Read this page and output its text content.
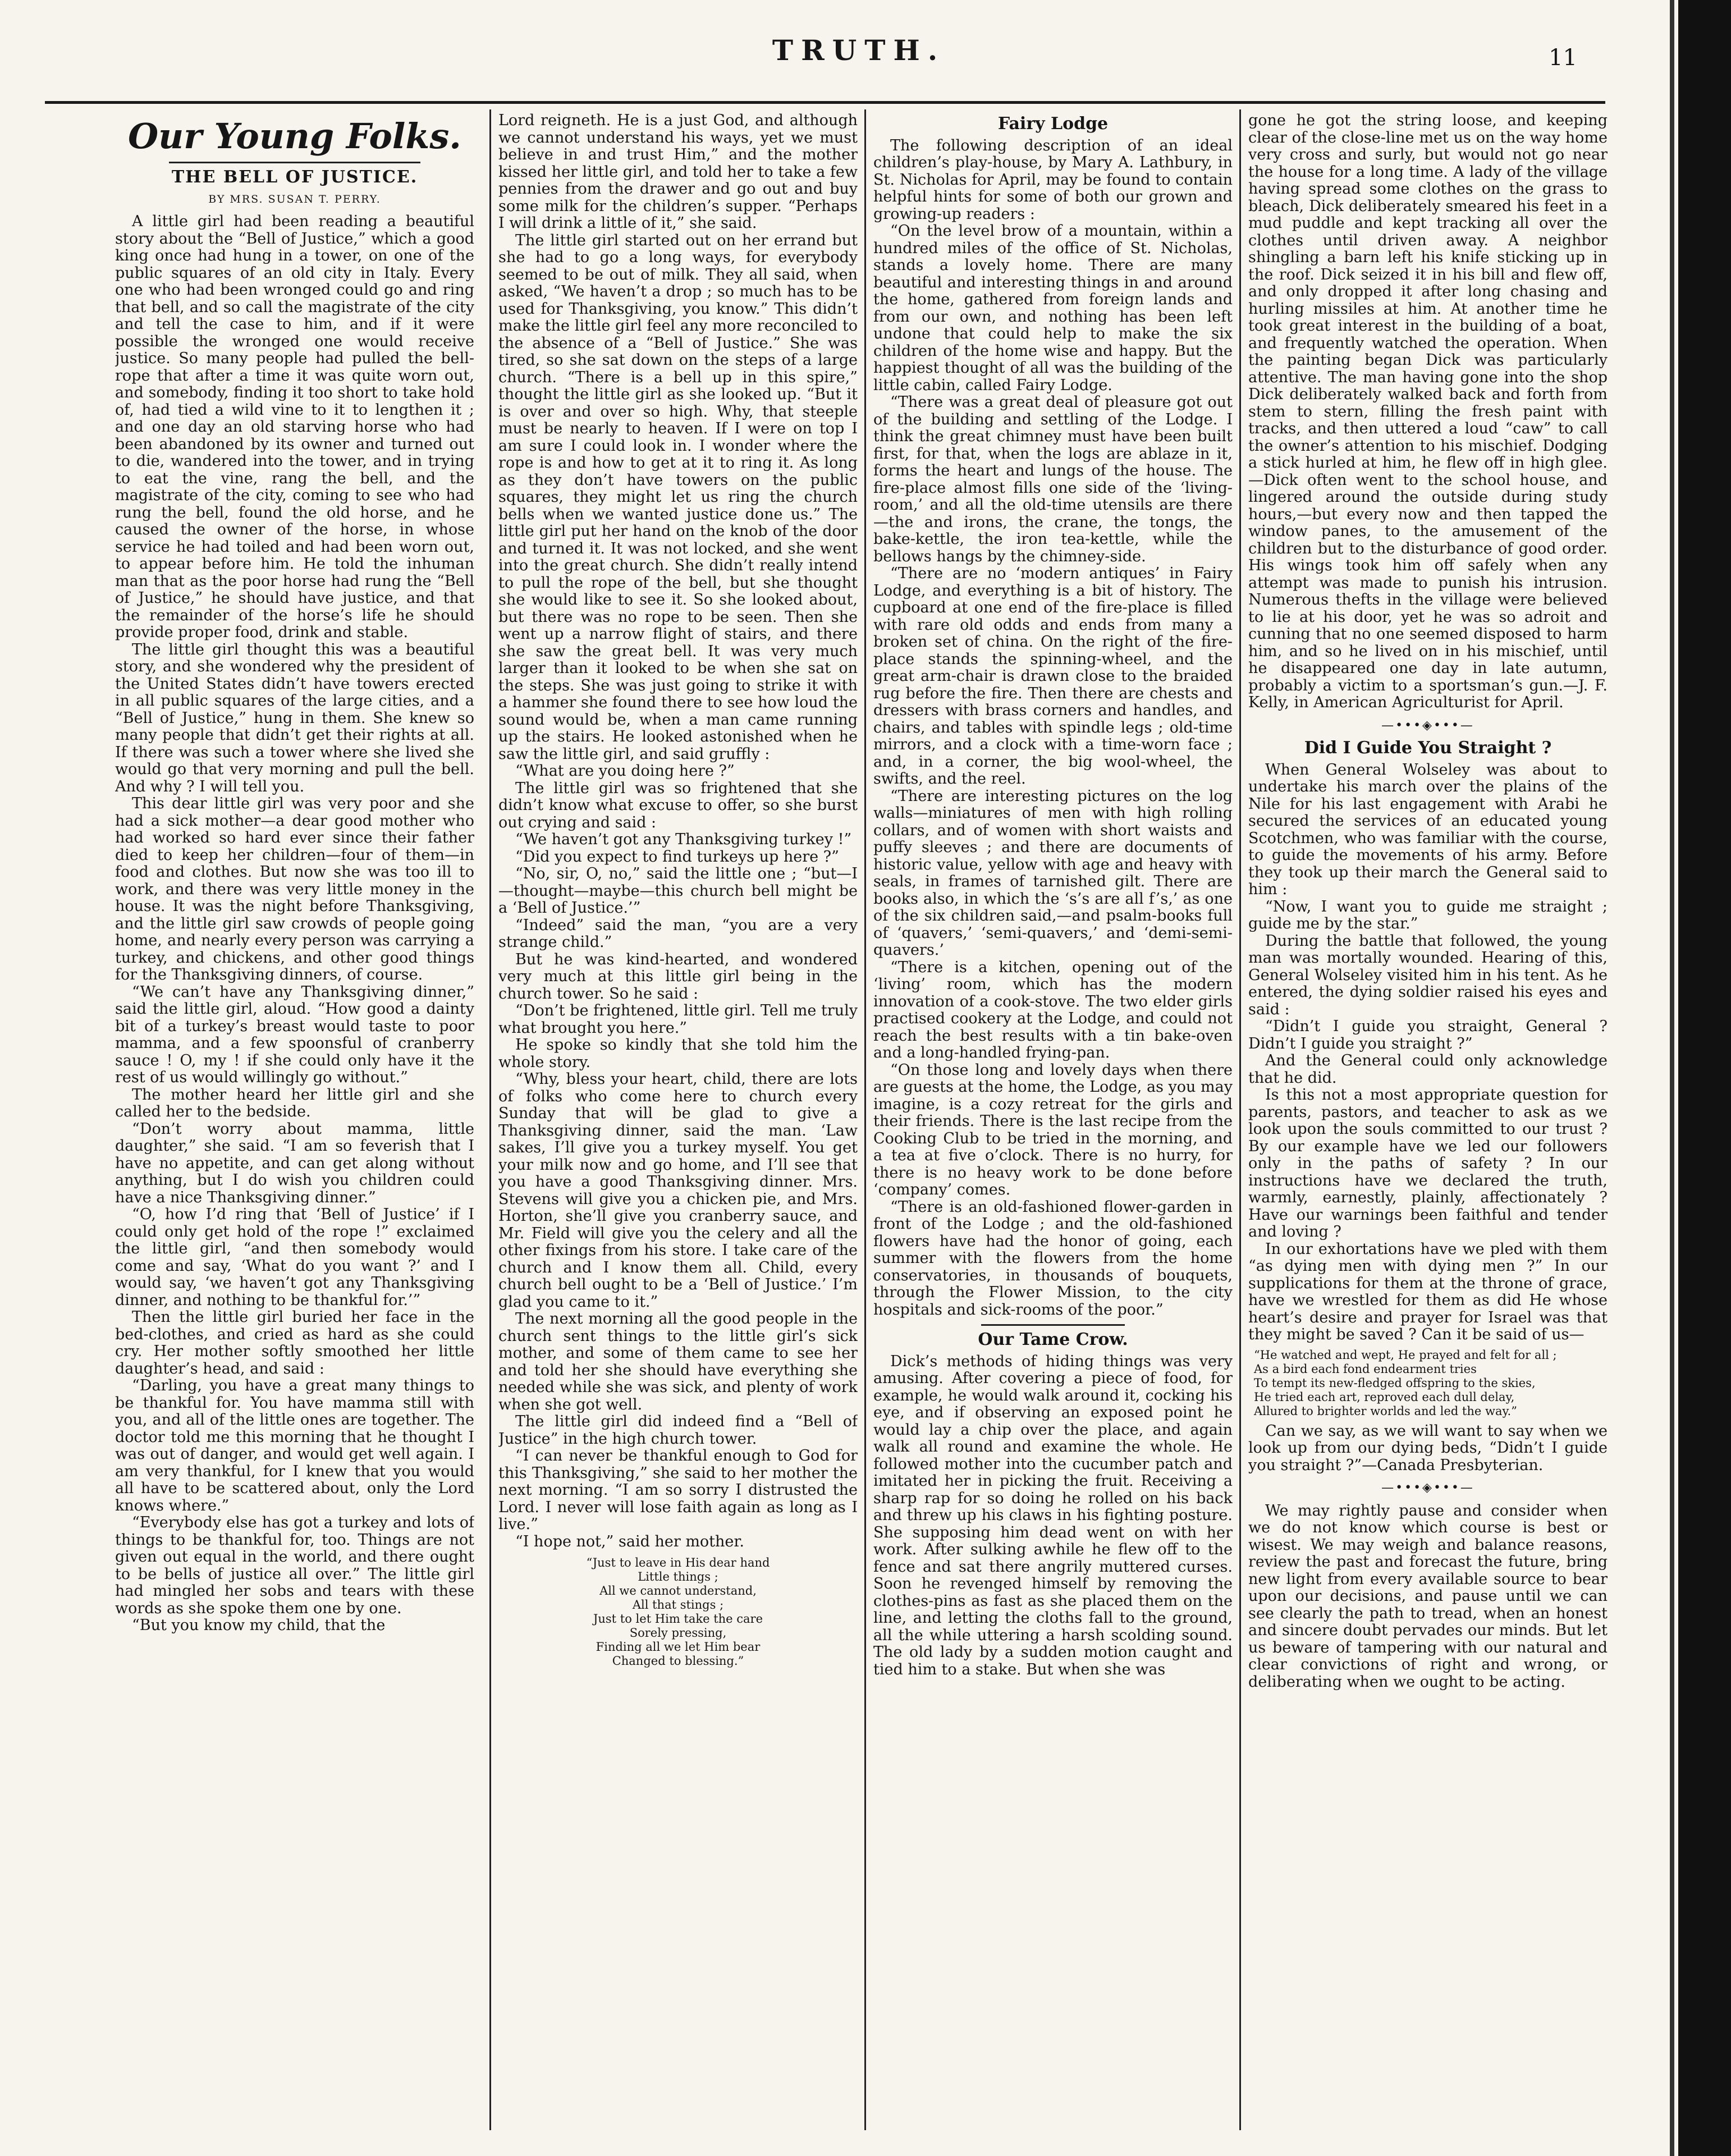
TRUTH.	11
Our Young Folks.
THE BELL OF JUSTICE.
BY MRS. SUSAN T. PERRY.

A little girl had been reading a beautiful story about the “Bell of Justice,” which a good king once had hung in a tower, on one of the public squares of an old city in Italy. Every one who had been wronged could go and ring that bell, and so call the magistrate of the city and tell the case to him, and if it were possible the wronged one would receive justice. So many people had pulled the bell-rope that after a time it was quite worn out, and somebody, finding it too short to take hold of, had tied a wild vine to it to lengthen it ; and one day an old starving horse who had been abandoned by its owner and turned out to die, wandered into the tower, and in trying to eat the vine, rang the bell, and the magistrate of the city, coming to see who had rung the bell, found the old horse, and he caused the owner of the horse, in whose service he had toiled and had been worn out, to appear before him. He told the inhuman man that as the poor horse had rung the “Bell of Justice,” he should have justice, and that the remainder of the horse’s life he should provide proper food, drink and stable.

The little girl thought this was a beautiful story, and she wondered why the president of the United States didn’t have towers erected in all public squares of the large cities, and a “Bell of Justice,” hung in them. She knew so many people that didn’t get their rights at all. If there was such a tower where she lived she would go that very morning and pull the bell. And why ? I will tell you.

This dear little girl was very poor and she had a sick mother—a dear good mother who had worked so hard ever since their father died to keep her children—four of them—in food and clothes. But now she was too ill to work, and there was very little money in the house. It was the night before Thanksgiving, and the little girl saw crowds of people going home, and nearly every person was carrying a turkey, and chickens, and other good things for the Thanksgiving dinners, of course.

“We can’t have any Thanksgiving dinner,” said the little girl, aloud. “How good a dainty bit of a turkey’s breast would taste to poor mamma, and a few spoonsful of cranberry sauce ! O, my ! if she could only have it the rest of us would willingly go without.”

The mother heard her little girl and she called her to the bedside.

“Don’t worry about mamma, little daughter,” she said. “I am so feverish that I have no appetite, and can get along without anything, but I do wish you children could have a nice Thanksgiving dinner.”

“O, how I’d ring that ‘Bell of Justice’ if I could only get hold of the rope !” exclaimed the little girl, “and then somebody would come and say, ‘What do you want ?’ and I would say, ‘we haven’t got any Thanksgiving dinner, and nothing to be thankful for.’”

Then the little girl buried her face in the bed-clothes, and cried as hard as she could cry. Her mother softly smoothed her little daughter’s head, and said :

“Darling, you have a great many things to be thankful for. You have mamma still with you, and all of the little ones are together. The doctor told me this morning that he thought I was out of danger, and would get well again. I am very thankful, for I knew that you would all have to be scattered about, only the Lord knows where.”

“Everybody else has got a turkey and lots of things to be thankful for, too. Things are not given out equal in the world, and there ought to be bells of justice all over.” The little girl had mingled her sobs and tears with these words as she spoke them one by one.

“But you know my child, that the

Lord reigneth. He is a just God, and although we cannot understand his ways, yet we must believe in and trust Him,” and the mother kissed her little girl, and told her to take a few pennies from the drawer and go out and buy some milk for the children’s supper. “Perhaps I will drink a little of it,” she said.

The little girl started out on her errand but she had to go a long ways, for everybody seemed to be out of milk. They all said, when asked, “We haven’t a drop ; so much has to be used for Thanksgiving, you know.” This didn’t make the little girl feel any more reconciled to the absence of a “Bell of Justice.” She was tired, so she sat down on the steps of a large church. “There is a bell up in this spire,” thought the little girl as she looked up. “But it is over and over so high. Why, that steeple must be nearly to heaven. If I were on top I am sure I could look in. I wonder where the rope is and how to get at it to ring it. As long as they don’t have towers on the public squares, they might let us ring the church bells when we wanted justice done us.” The little girl put her hand on the knob of the door and turned it. It was not locked, and she went into the great church. She didn’t really intend to pull the rope of the bell, but she thought she would like to see it. So she looked about, but there was no rope to be seen. Then she went up a narrow flight of stairs, and there she saw the great bell. It was very much larger than it looked to be when she sat on the steps. She was just going to strike it with a hammer she found there to see how loud the sound would be, when a man came running up the stairs. He looked astonished when he saw the little girl, and said gruffly :

“What are you doing here ?”

The little girl was so frightened that she didn’t know what excuse to offer, so she burst out crying and said :

“We haven’t got any Thanksgiving turkey !”

“Did you expect to find turkeys up here ?”

“No, sir, O, no,” said the little one ; “but—I—thought—maybe—this church bell might be a ‘Bell of Justice.’”

“Indeed” said the man, “you are a very strange child.”

But he was kind-hearted, and wondered very much at this little girl being in the church tower. So he said :

“Don’t be frightened, little girl. Tell me truly what brought you here.”

He spoke so kindly that she told him the whole story.

“Why, bless your heart, child, there are lots of folks who come here to church every Sunday that will be glad to give a Thanksgiving dinner, said the man. ‘Law sakes, I’ll give you a turkey myself. You get your milk now and go home, and I’ll see that you have a good Thanksgiving dinner. Mrs. Stevens will give you a chicken pie, and Mrs. Horton, she’ll give you cranberry sauce, and Mr. Field will give you the celery and all the other fixings from his store. I take care of the church and I know them all. Child, every church bell ought to be a ‘Bell of Justice.’ I’m glad you came to it.”

The next morning all the good people in the church sent things to the little girl’s sick mother, and some of them came to see her and told her she should have everything she needed while she was sick, and plenty of work when she got well.

The little girl did indeed find a “Bell of Justice” in the high church tower.

“I can never be thankful enough to God for this Thanksgiving,” she said to her mother the next morning. “I am so sorry I distrusted the Lord. I never will lose faith again as long as I live.”

“I hope not,” said her mother.

“Just to leave in His dear hand
Little things ;
All we cannot understand,
All that stings ;
Just to let Him take the care
Sorely pressing,
Finding all we let Him bear
Changed to blessing.”
Fairy Lodge

The following description of an ideal children’s play-house, by Mary A. Lathbury, in St. Nicholas for April, may be found to contain helpful hints for some of both our grown and growing-up readers :

“On the level brow of a mountain, within a hundred miles of the office of St. Nicholas, stands a lovely home. There are many beautiful and interesting things in and around the home, gathered from foreign lands and from our own, and nothing has been left undone that could help to make the six children of the home wise and happy. But the happiest thought of all was the building of the little cabin, called Fairy Lodge.

“There was a great deal of pleasure got out of the building and settling of the Lodge. I think the great chimney must have been built first, for that, when the logs are ablaze in it, forms the heart and lungs of the house. The fire-place almost fills one side of the ‘living-room,’ and all the old-time utensils are there—the and irons, the crane, the tongs, the bake-kettle, the iron tea-kettle, while the bellows hangs by the chimney-side.

“There are no ‘modern antiques’ in Fairy Lodge, and everything is a bit of history. The cupboard at one end of the fire-place is filled with rare old odds and ends from many a broken set of china. On the right of the fire-place stands the spinning-wheel, and the great arm-chair is drawn close to the braided rug before the fire. Then there are chests and dressers with brass corners and handles, and chairs, and tables with spindle legs ; old-time mirrors, and a clock with a time-worn face ; and, in a corner, the big wool-wheel, the swifts, and the reel.

“There are interesting pictures on the log walls—miniatures of men with high rolling collars, and of women with short waists and puffy sleeves ; and there are documents of historic value, yellow with age and heavy with seals, in frames of tarnished gilt. There are books also, in which the ‘s’s are all f’s,’ as one of the six children said,—and psalm-books full of ‘quavers,’ ‘semi-quavers,’ and ‘demi-semi-quavers.’

“There is a kitchen, opening out of the ‘living’ room, which has the modern innovation of a cook-stove. The two elder girls practised cookery at the Lodge, and could not reach the best results with a tin bake-oven and a long-handled frying-pan.

“On those long and lovely days when there are guests at the home, the Lodge, as you may imagine, is a cozy retreat for the girls and their friends. There is the last recipe from the Cooking Club to be tried in the morning, and a tea at five o’clock. There is no hurry, for there is no heavy work to be done before ‘company’ comes.

“There is an old-fashioned flower-garden in front of the Lodge ; and the old-fashioned flowers have had the honor of going, each summer with the flowers from the home conservatories, in thousands of bouquets, through the Flower Mission, to the city hospitals and sick-rooms of the poor.”

Our Tame Crow.

Dick’s methods of hiding things was very amusing. After covering a piece of food, for example, he would walk around it, cocking his eye, and if observing an exposed point he would lay a chip over the place, and again walk all round and examine the whole. He followed mother into the cucumber patch and imitated her in picking the fruit. Receiving a sharp rap for so doing he rolled on his back and threw up his claws in his fighting posture. She supposing him dead went on with her work. After sulking awhile he flew off to the fence and sat there angrily muttered curses. Soon he revenged himself by removing the clothes-pins as fast as she placed them on the line, and letting the cloths fall to the ground, all the while uttering a harsh scolding sound. The old lady by a sudden motion caught and tied him to a stake. But when she was

gone he got the string loose, and keeping clear of the close-line met us on the way home very cross and surly, but would not go near the house for a long time. A lady of the village having spread some clothes on the grass to bleach, Dick deliberately smeared his feet in a mud puddle and kept tracking all over the clothes until driven away. A neighbor shingling a barn left his knife sticking up in the roof. Dick seized it in his bill and flew off, and only dropped it after long chasing and hurling missiles at him. At another time he took great interest in the building of a boat, and frequently watched the operation. When the painting began Dick was particularly attentive. The man having gone into the shop Dick deliberately walked back and forth from stem to stern, filling the fresh paint with tracks, and then uttered a loud “caw” to call the owner’s attention to his mischief. Dodging a stick hurled at him, he flew off in high glee.—Dick often went to the school house, and lingered around the outside during study hours,—but every now and then tapped the window panes, to the amusement of the children but to the disturbance of good order. His wings took him off safely when any attempt was made to punish his intrusion. Numerous thefts in the village were believed to lie at his door, yet he was so adroit and cunning that no one seemed disposed to harm him, and so he lived on in his mischief, until he disappeared one day in late autumn, probably a victim to a sportsman’s gun.—J. F. Kelly, in American Agriculturist for April.

—•••◈•••—
Did I Guide You Straight ?

When General Wolseley was about to undertake his march over the plains of the Nile for his last engagement with Arabi he secured the services of an educated young Scotchmen, who was familiar with the course, to guide the movements of his army. Before they took up their march the General said to him :

“Now, I want you to guide me straight ; guide me by the star.”

During the battle that followed, the young man was mortally wounded. Hearing of this, General Wolseley visited him in his tent. As he entered, the dying soldier raised his eyes and said :

“Didn’t I guide you straight, General ? Didn’t I guide you straight ?”

And the General could only acknowledge that he did.

Is this not a most appropriate question for parents, pastors, and teacher to ask as we look upon the souls committed to our trust ? By our example have we led our followers only in the paths of safety ? In our instructions have we declared the truth, warmly, earnestly, plainly, affectionately ? Have our warnings been faithful and tender and loving ?

In our exhortations have we pled with them “as dying men with dying men ?” In our supplications for them at the throne of grace, have we wrestled for them as did He whose heart’s desire and prayer for Israel was that they might be saved ? Can it be said of us—

“He watched and wept, He prayed and felt for all ;
As a bird each fond endearment tries
To tempt its new-fledged offspring to the skies,
He tried each art, reproved each dull delay,
Allured to brighter worlds and led the way.”

Can we say, as we will want to say when we look up from our dying beds, “Didn’t I guide you straight ?”—Canada Presbyterian.

—•••◈•••—

We may rightly pause and consider when we do not know which course is best or wisest. We may weigh and balance reasons, review the past and forecast the future, bring new light from every available source to bear upon our decisions, and pause until we can see clearly the path to tread, when an honest and sincere doubt pervades our minds. But let us beware of tampering with our natural and clear convictions of right and wrong, or deliberating when we ought to be acting.
